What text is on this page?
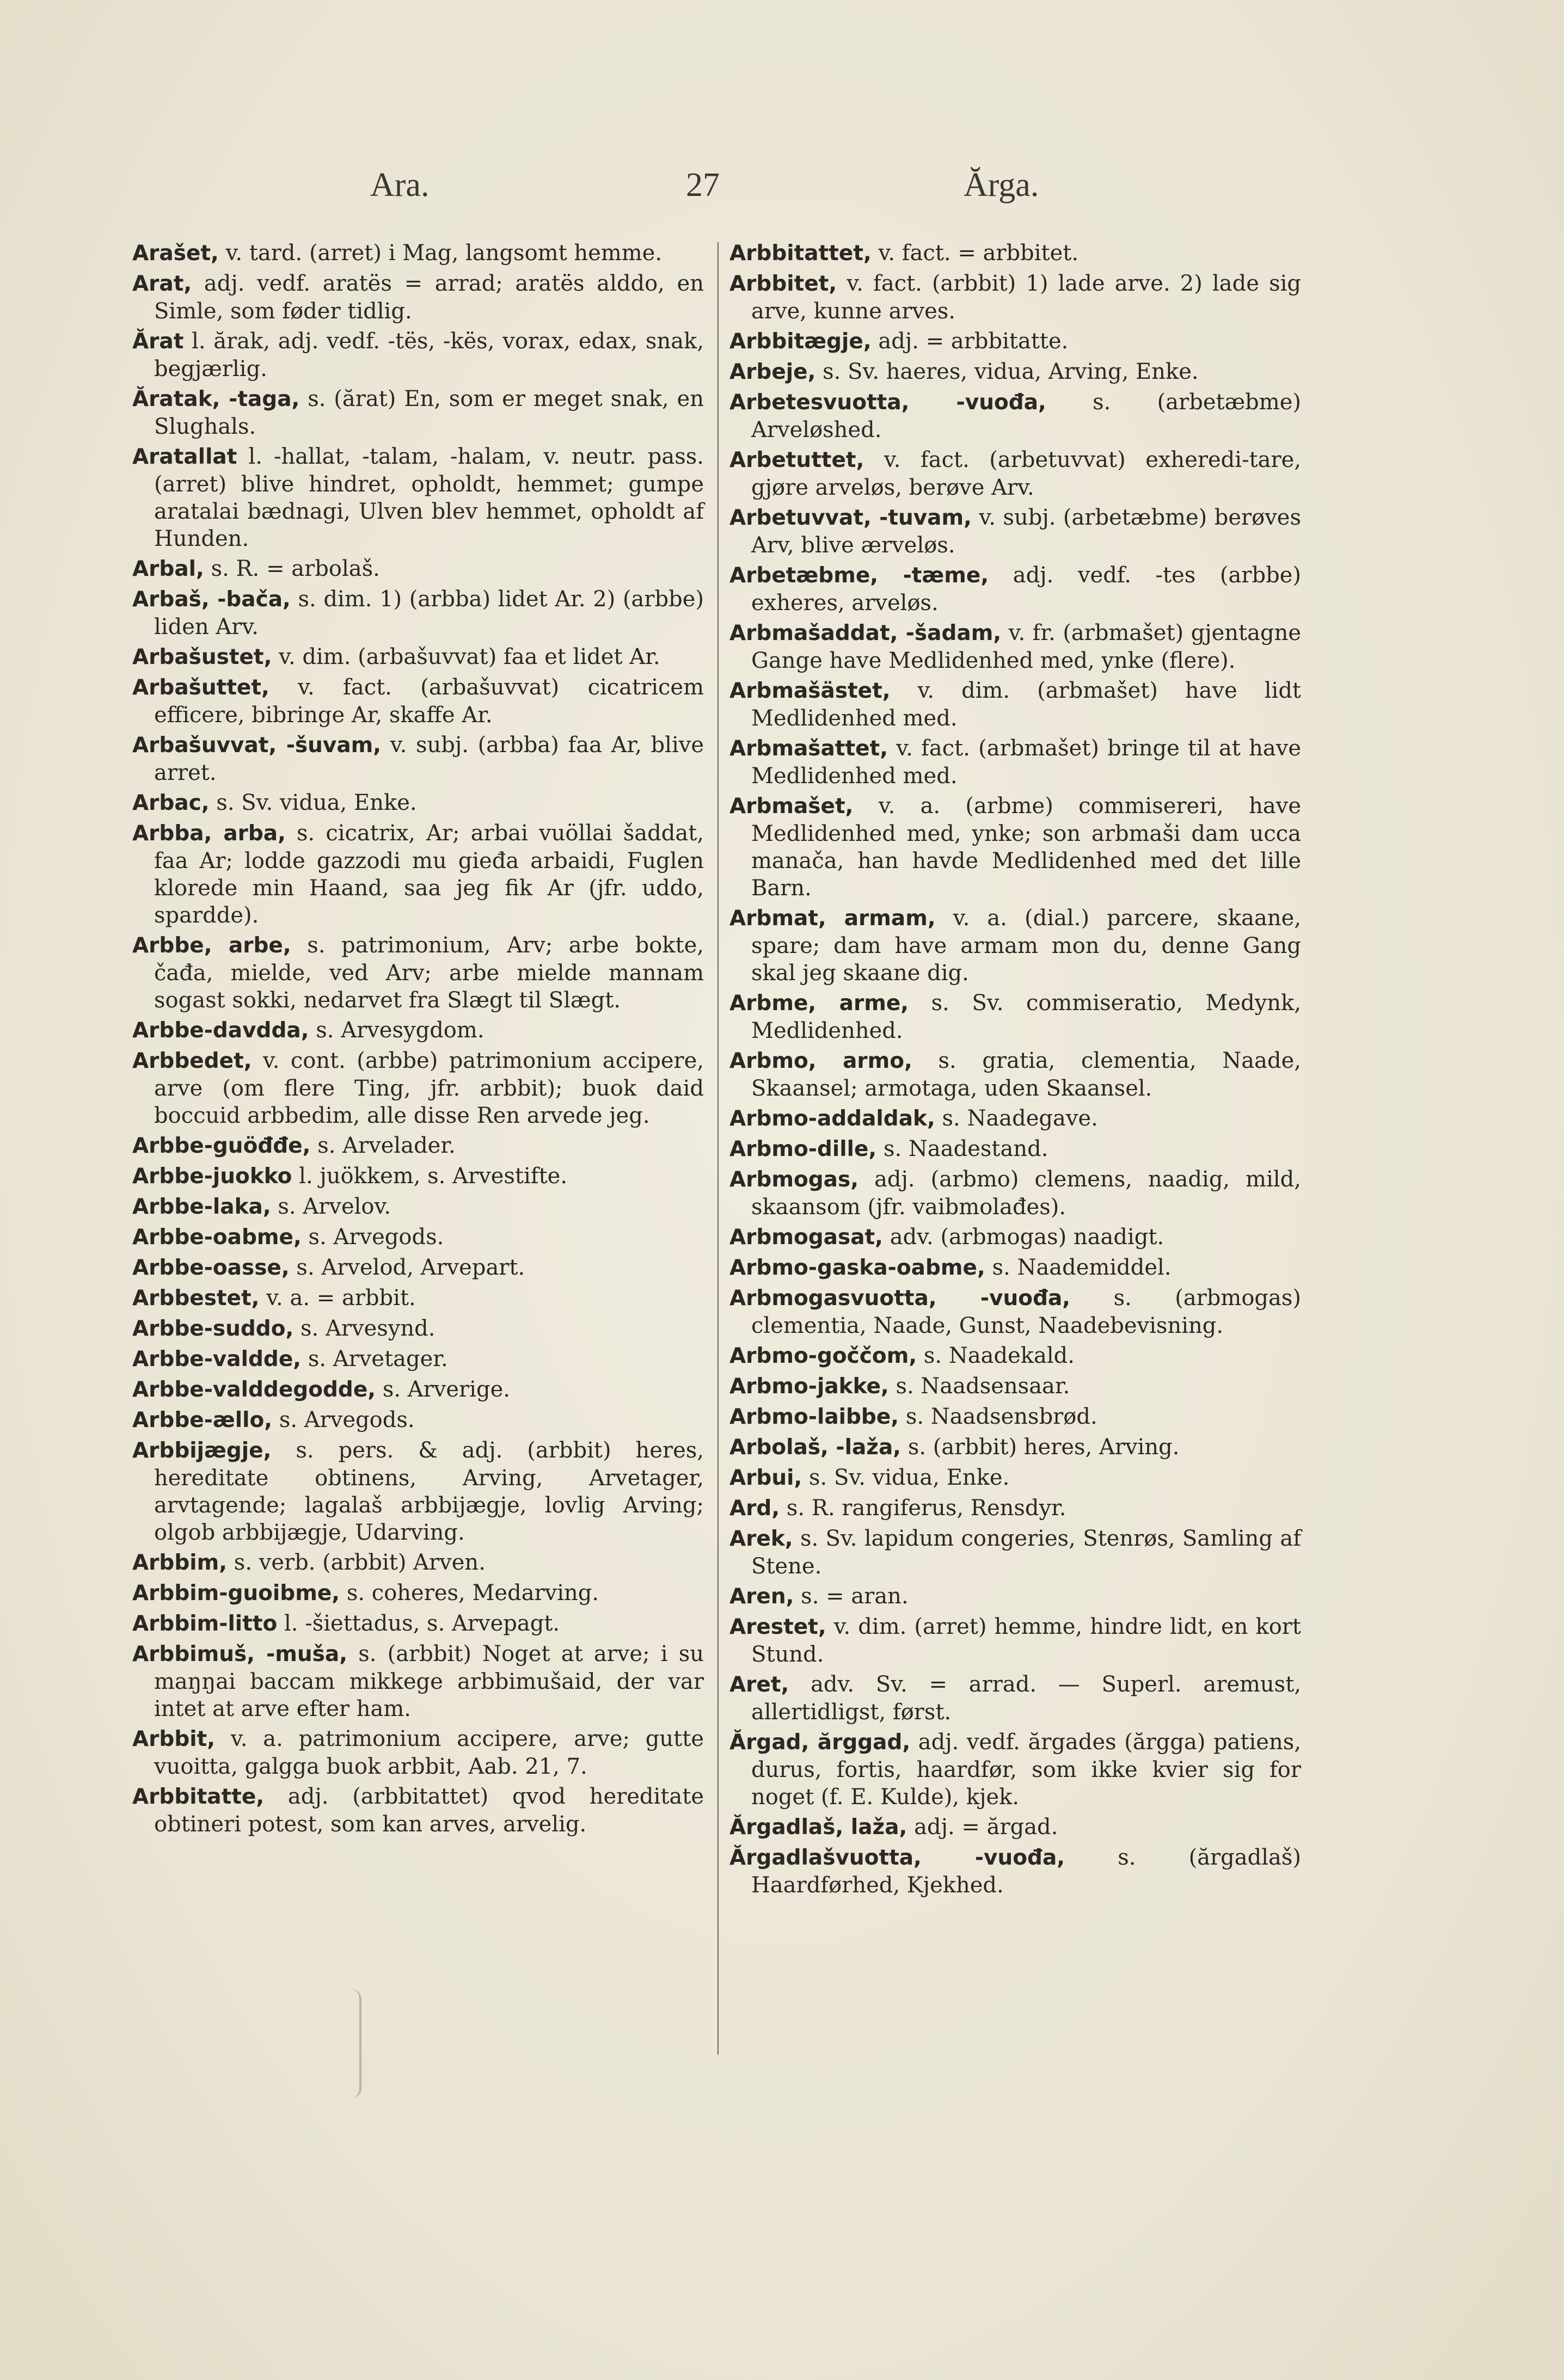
Ara.	27	Ărga.

Arašet, v. tard. (arret) i Mag, langsomt hemme.

Arat, adj. vedf. aratës = arrad; aratës alddo, en Simle, som føder tidlig.

Ărat l. ărak, adj. vedf. -tës, -kës, vorax, edax, snak, begjærlig.

Ăratak, -taga, s. (ărat) En, som er meget snak, en Slughals.

Aratallat l. -hallat, -talam, -halam, v. neutr. pass. (arret) blive hindret, opholdt, hemmet; gumpe aratalai bædnagi, Ulven blev hemmet, opholdt af Hunden.

Arbal, s. R. = arbolaš.

Arbaš, -bača, s. dim. 1) (arbba) lidet Ar. 2) (arbbe) liden Arv.

Arbašustet, v. dim. (arbašuvvat) faa et lidet Ar.

Arbašuttet, v. fact. (arbašuvvat) cicatricem efficere, bibringe Ar, skaffe Ar.

Arbašuvvat, -šuvam, v. subj. (arbba) faa Ar, blive arret.

Arbac, s. Sv. vidua, Enke.

Arbba, arba, s. cicatrix, Ar; arbai vuöllai šaddat, faa Ar; lodde gazzodi mu gieđa arbaidi, Fuglen klorede min Haand, saa jeg fik Ar (jfr. uddo, spardde).

Arbbe, arbe, s. patrimonium, Arv; arbe bokte, čađa, mielde, ved Arv; arbe mielde mannam sogast sokki, nedarvet fra Slægt til Slægt.

Arbbe-davdda, s. Arvesygdom.

Arbbedet, v. cont. (arbbe) patrimonium accipere, arve (om flere Ting, jfr. arbbit); buok daid boccuid arbbedim, alle disse Ren arvede jeg.

Arbbe-guöđđe, s. Arvelader.

Arbbe-juokko l. juökkem, s. Arvestifte.

Arbbe-laka, s. Arvelov.

Arbbe-oabme, s. Arvegods.

Arbbe-oasse, s. Arvelod, Arvepart.

Arbbestet, v. a. = arbbit.

Arbbe-suddo, s. Arvesynd.

Arbbe-valdde, s. Arvetager.

Arbbe-valddegodde, s. Arverige.

Arbbe-ællo, s. Arvegods.

Arbbijægje, s. pers. & adj. (arbbit) heres, hereditate obtinens, Arving, Arvetager, arvtagende; lagalaš arbbijægje, lovlig Arving; olgob arbbijægje, Udarving.

Arbbim, s. verb. (arbbit) Arven.

Arbbim-guoibme, s. coheres, Medarving.

Arbbim-litto l. -šiettadus, s. Arvepagt.

Arbbimuš, -muša, s. (arbbit) Noget at arve; i su maŋŋai baccam mikkege arbbimušaid, der var intet at arve efter ham.

Arbbit, v. a. patrimonium accipere, arve; gutte vuoitta, galgga buok arbbit, Aab. 21, 7.

Arbbitatte, adj. (arbbitattet) qvod hereditate obtineri potest, som kan arves, arvelig.

Arbbitattet, v. fact. = arbbitet.

Arbbitet, v. fact. (arbbit) 1) lade arve. 2) lade sig arve, kunne arves.

Arbbitægje, adj. = arbbitatte.

Arbeje, s. Sv. haeres, vidua, Arving, Enke.

Arbetesvuotta, -vuođa, s. (arbetæbme) Arveløshed.

Arbetuttet, v. fact. (arbetuvvat) exheredi-tare, gjøre arveløs, berøve Arv.

Arbetuvvat, -tuvam, v. subj. (arbetæbme) berøves Arv, blive ærveløs.

Arbetæbme, -tæme, adj. vedf. -tes (arbbe) exheres, arveløs.

Arbmašaddat, -šadam, v. fr. (arbmašet) gjentagne Gange have Medlidenhed med, ynke (flere).

Arbmašästet, v. dim. (arbmašet) have lidt Medlidenhed med.

Arbmašattet, v. fact. (arbmašet) bringe til at have Medlidenhed med.

Arbmašet, v. a. (arbme) commisereri, have Medlidenhed med, ynke; son arbmaši dam ucca manača, han havde Medlidenhed med det lille Barn.

Arbmat, armam, v. a. (dial.) parcere, skaane, spare; dam have armam mon du, denne Gang skal jeg skaane dig.

Arbme, arme, s. Sv. commiseratio, Medynk, Medlidenhed.

Arbmo, armo, s. gratia, clementia, Naade, Skaansel; armotaga, uden Skaansel.

Arbmo-addaldak, s. Naadegave.

Arbmo-dille, s. Naadestand.

Arbmogas, adj. (arbmo) clemens, naadig, mild, skaansom (jfr. vaibmolađes).

Arbmogasat, adv. (arbmogas) naadigt.

Arbmo-gaska-oabme, s. Naademiddel.

Arbmogasvuotta, -vuođa, s. (arbmogas) clementia, Naade, Gunst, Naadebevisning.

Arbmo-goččom, s. Naadekald.

Arbmo-jakke, s. Naadsensaar.

Arbmo-laibbe, s. Naadsensbrød.

Arbolaš, -laža, s. (arbbit) heres, Arving.

Arbui, s. Sv. vidua, Enke.

Ard, s. R. rangiferus, Rensdyr.

Arek, s. Sv. lapidum congeries, Stenrøs, Samling af Stene.

Aren, s. = aran.

Arestet, v. dim. (arret) hemme, hindre lidt, en kort Stund.

Aret, adv. Sv. = arrad. — Superl. aremust, allertidligst, først.

Ărgad, ărggad, adj. vedf. ărgades (ărgga) patiens, durus, fortis, haardfør, som ikke kvier sig for noget (f. E. Kulde), kjek.

Ărgadlaš, laža, adj. = ărgad.

Ărgadlašvuotta, -vuođa, s. (ărgadlaš) Haardførhed, Kjekhed.
